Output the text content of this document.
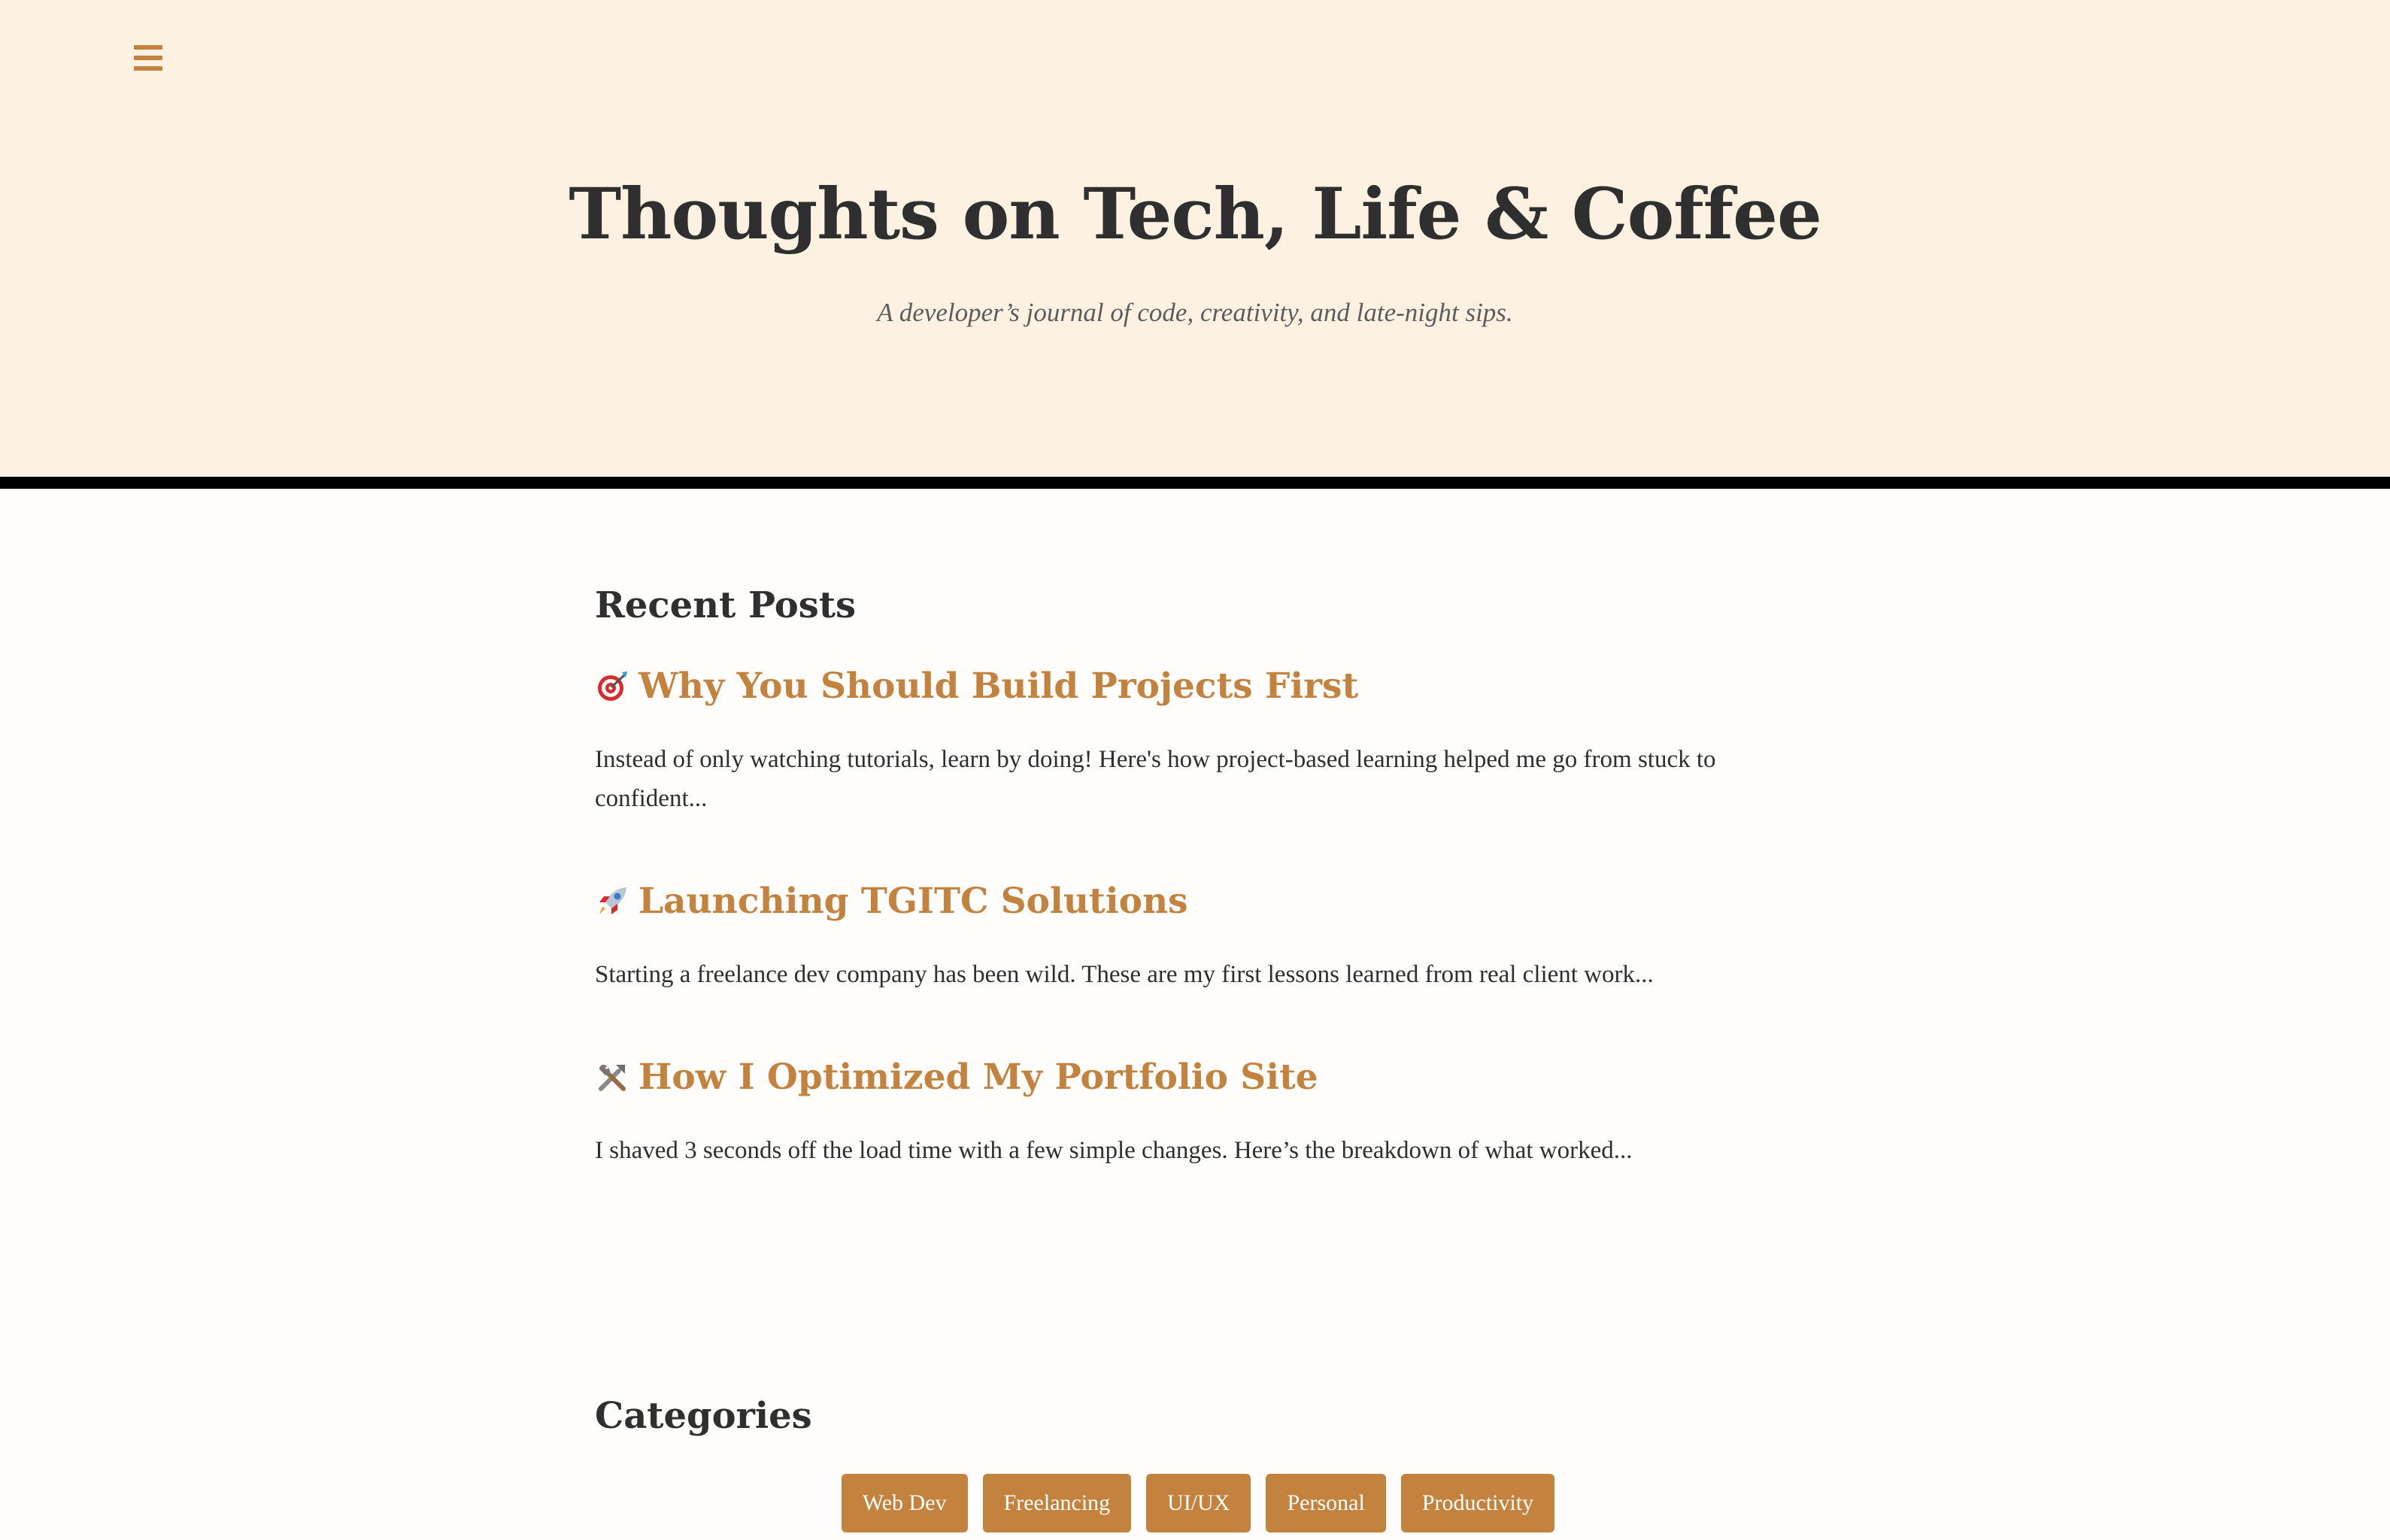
Thoughts on Tech, Life & Coffee

A developer’s journal of code, creativity, and late-night sips.

Recent Posts
Why You Should Build Projects First
Instead of only watching tutorials, learn by doing! Here's how project-based learning helped me go from stuck to confident...
Launching TGITC Solutions
Starting a freelance dev company has been wild. These are my first lessons learned from real client work...
How I Optimized My Portfolio Site
I shaved 3 seconds off the load time with a few simple changes. Here’s the breakdown of what worked...
Categories
Web Dev	Freelancing	UI/UX	Personal	Productivity
